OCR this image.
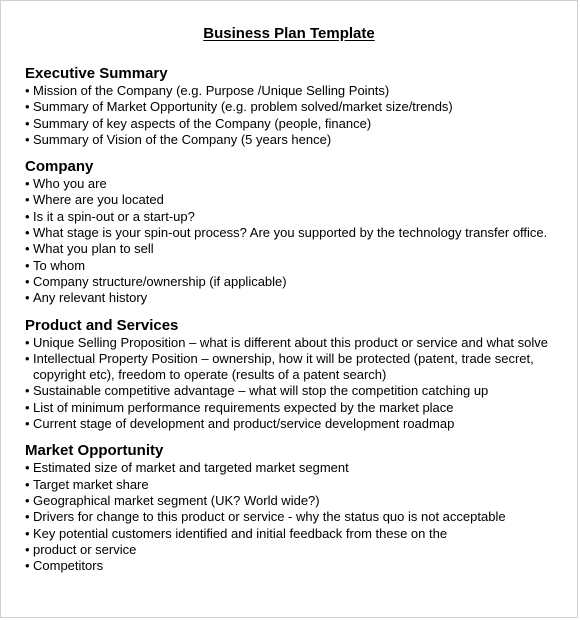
Business Plan Template
Executive Summary
• Mission of the Company (e.g. Purpose /Unique Selling Points)
• Summary of Market Opportunity (e.g. problem solved/market size/trends)
• Summary of key aspects of the Company (people, finance)
• Summary of Vision of the Company (5 years hence)
Company
• Who you are
• Where are you located
• Is it a spin-out or a start-up?
• What stage is your spin-out process? Are you supported by the technology transfer office.
• What you plan to sell
• To whom
• Company structure/ownership (if applicable)
• Any relevant history
Product and Services
• Unique Selling Proposition – what is different about this product or service and what solve
• Intellectual Property Position – ownership, how it will be protected (patent, trade secret, copyright etc), freedom to operate (results of a patent search)
• Sustainable competitive advantage – what will stop the competition catching up
• List of minimum performance requirements expected by the market place
• Current stage of development and product/service development roadmap
Market Opportunity
• Estimated size of market and targeted market segment
• Target market share
• Geographical market segment (UK? World wide?)
• Drivers for change to this product or service - why the status quo is not acceptable
• Key potential customers identified and initial feedback from these on the
• product or service
• Competitors
